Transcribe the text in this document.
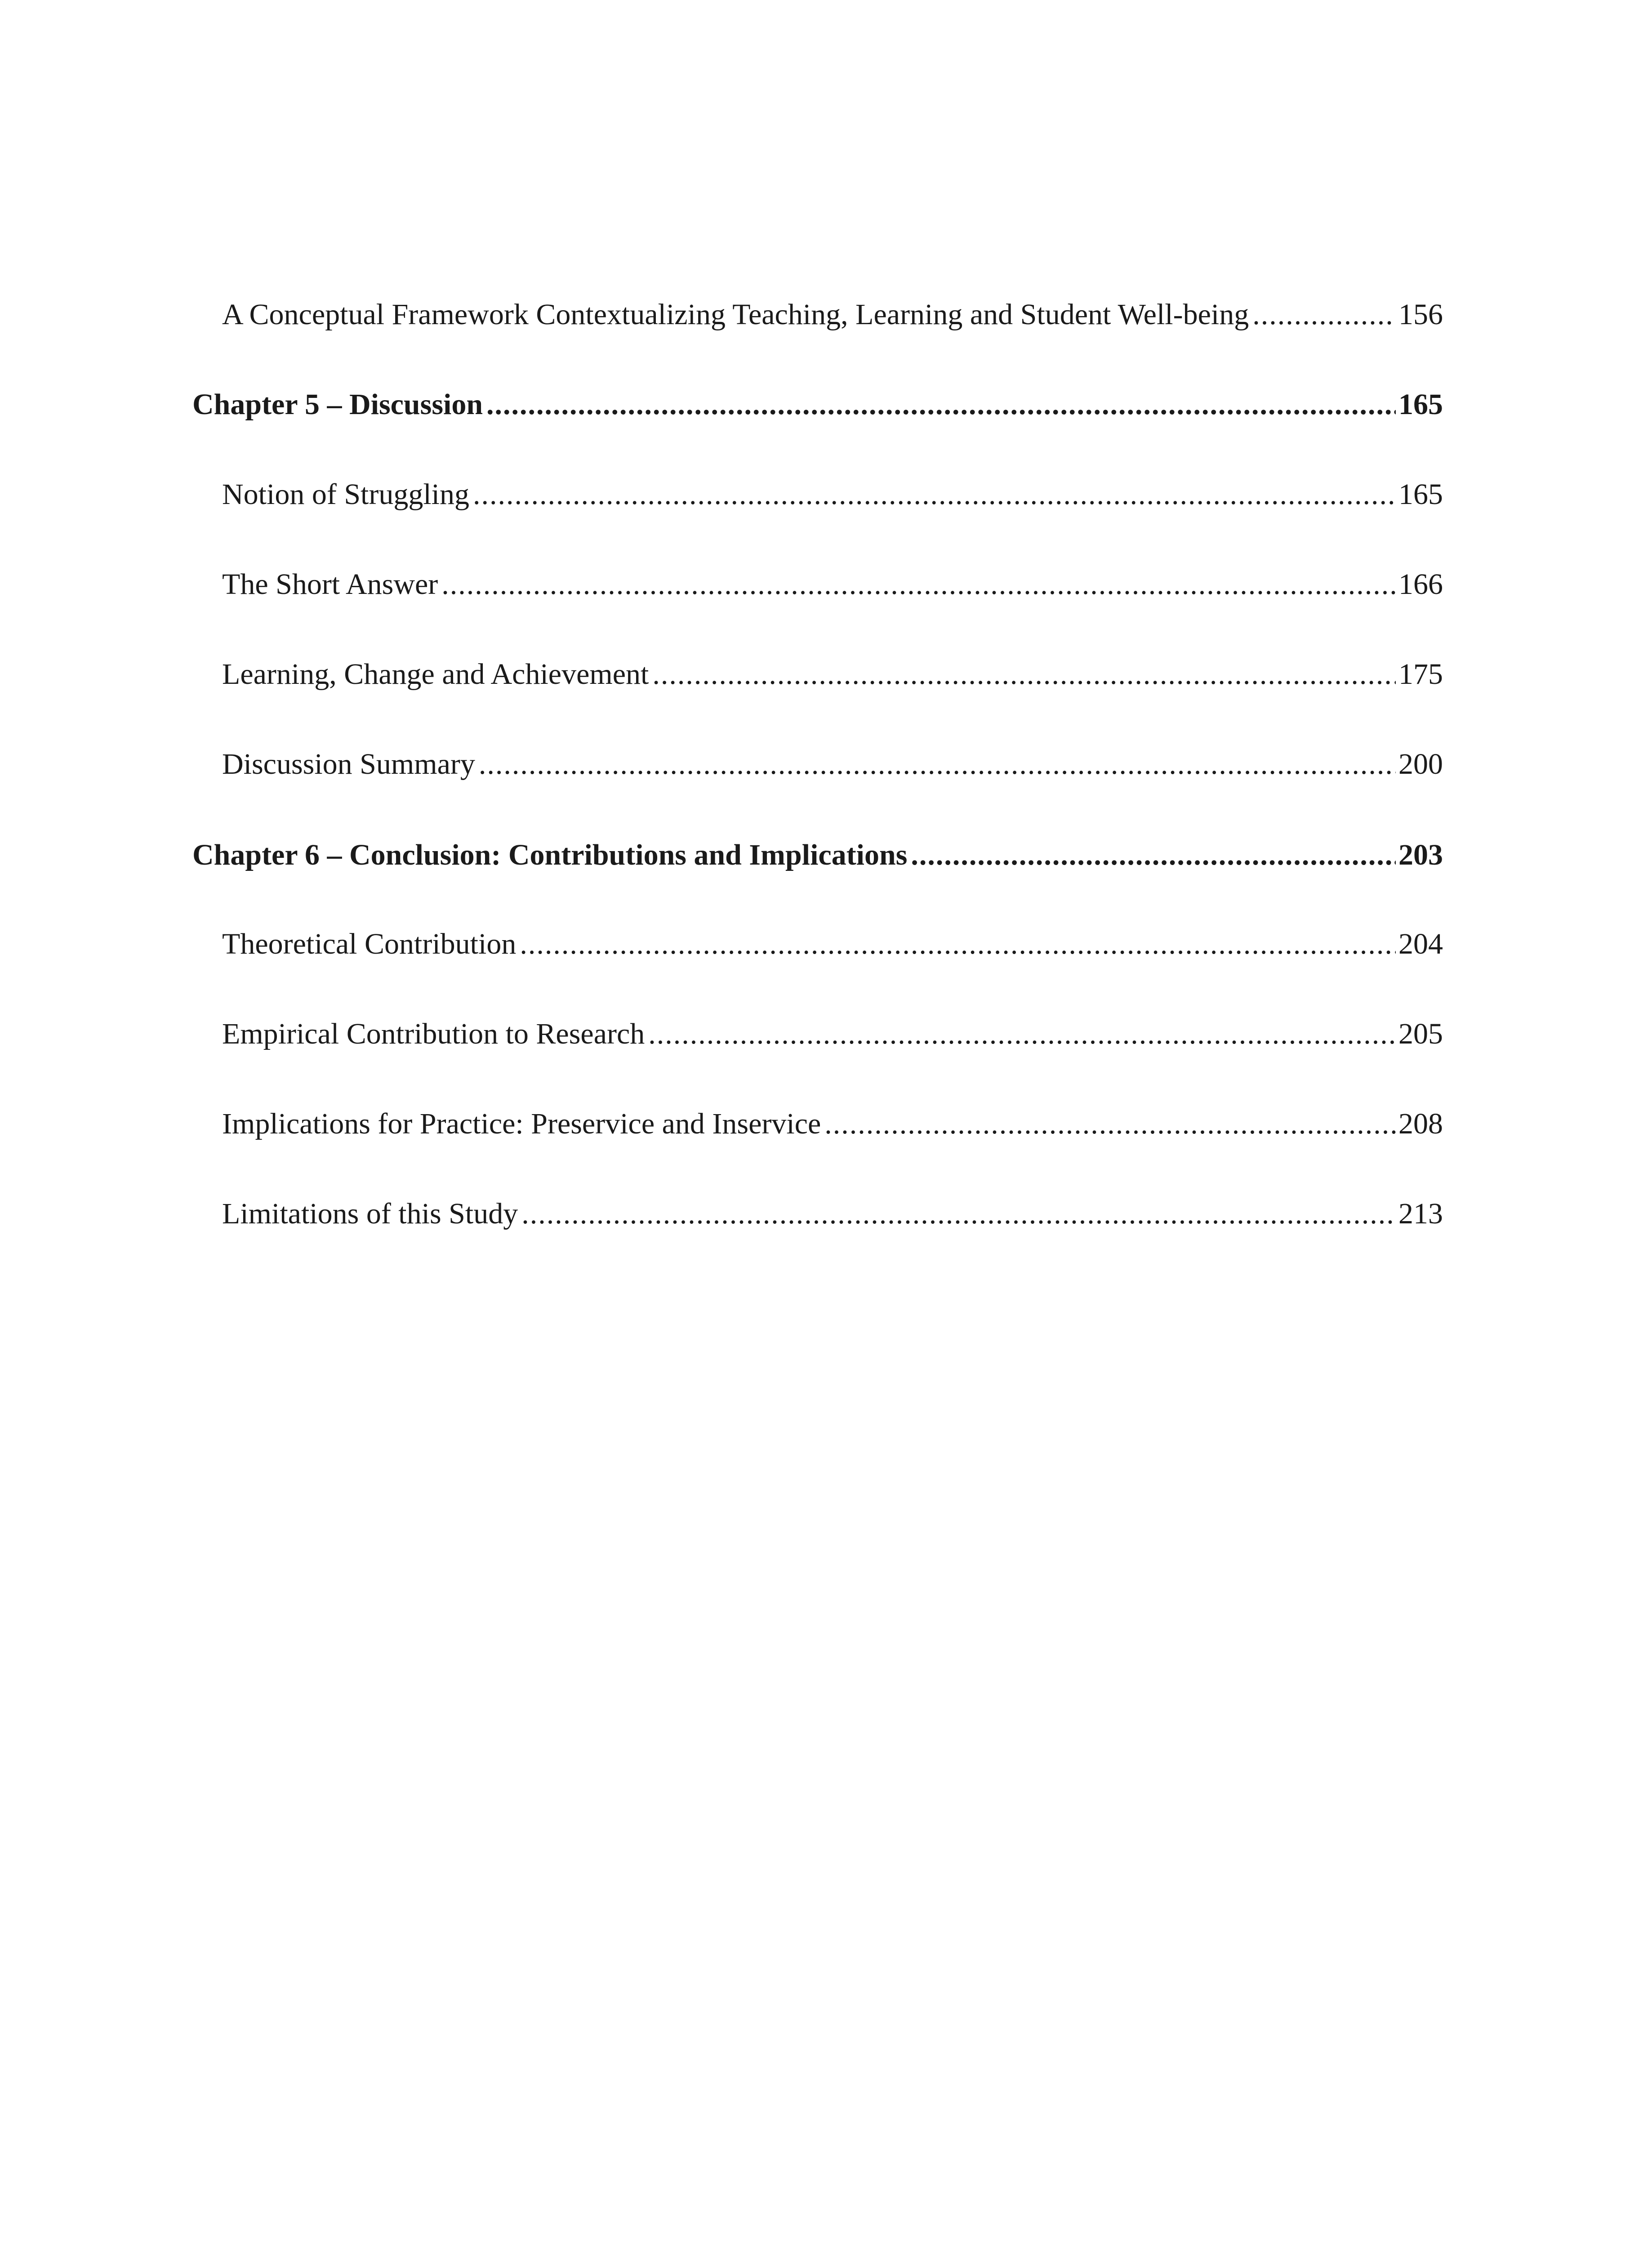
A Conceptual Framework Contextualizing Teaching, Learning and Student Well-being .....	156
Chapter 5 – Discussion .....	165
Notion of Struggling .....	165
The Short Answer .....	166
Learning, Change and Achievement .....	175
Discussion Summary .....	200
Chapter 6 – Conclusion: Contributions and Implications .....	203
Theoretical Contribution .....	204
Empirical Contribution to Research .....	205
Implications for Practice: Preservice and Inservice .....	208
Limitations of this Study .....	213
